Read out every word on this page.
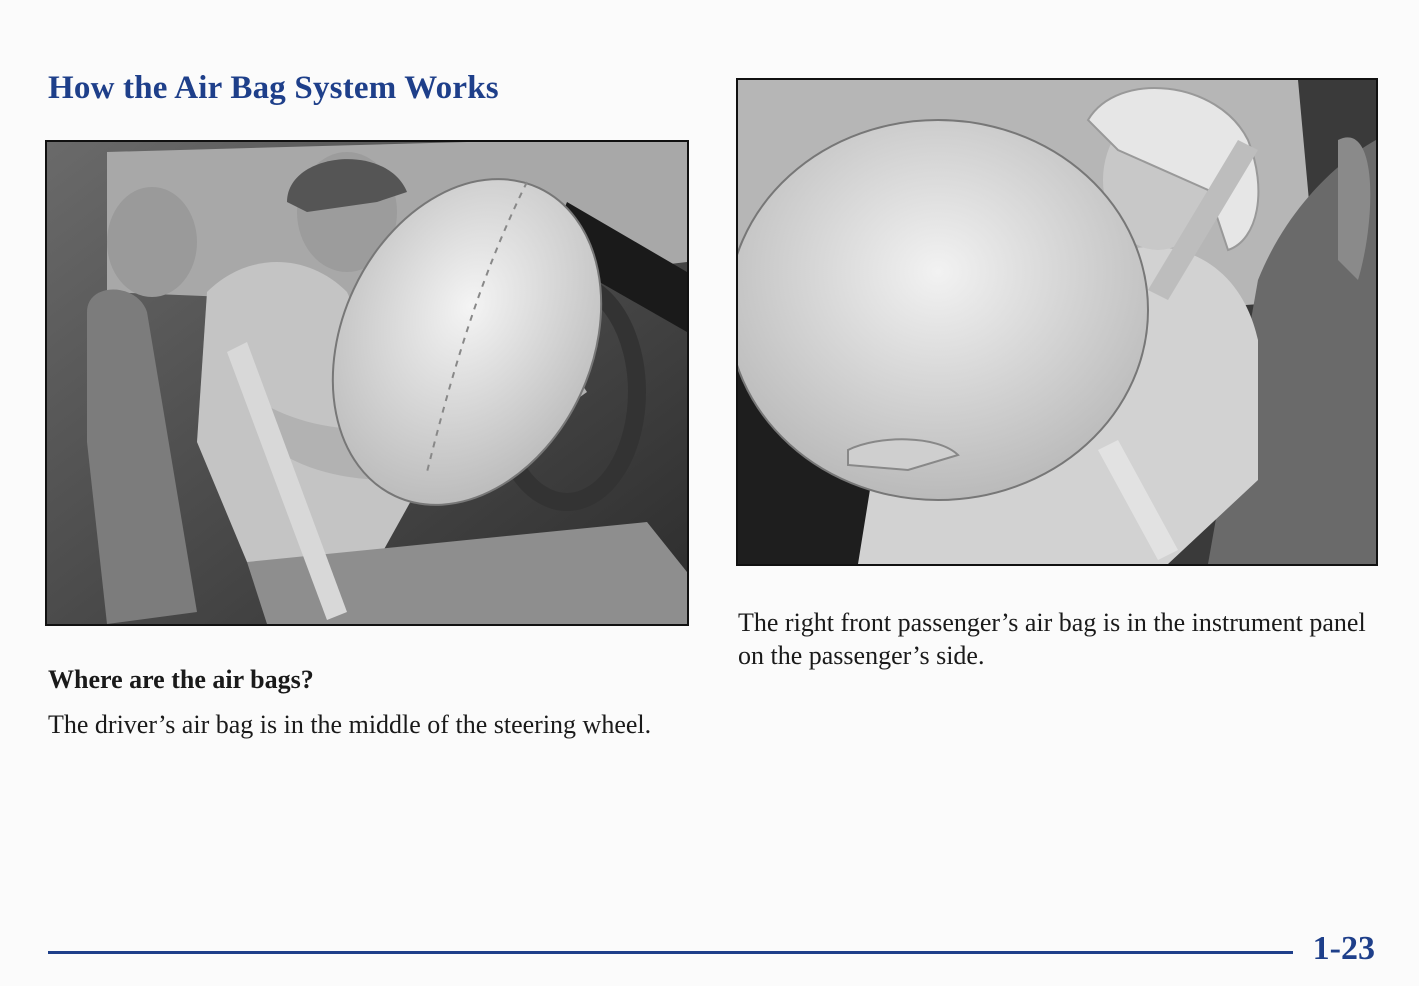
How the Air Bag System Works

Where are the air bags?

The driver’s air bag is in the middle of the steering wheel.

The right front passenger’s air bag is in the instrument panel on the passenger’s side.

1-23
